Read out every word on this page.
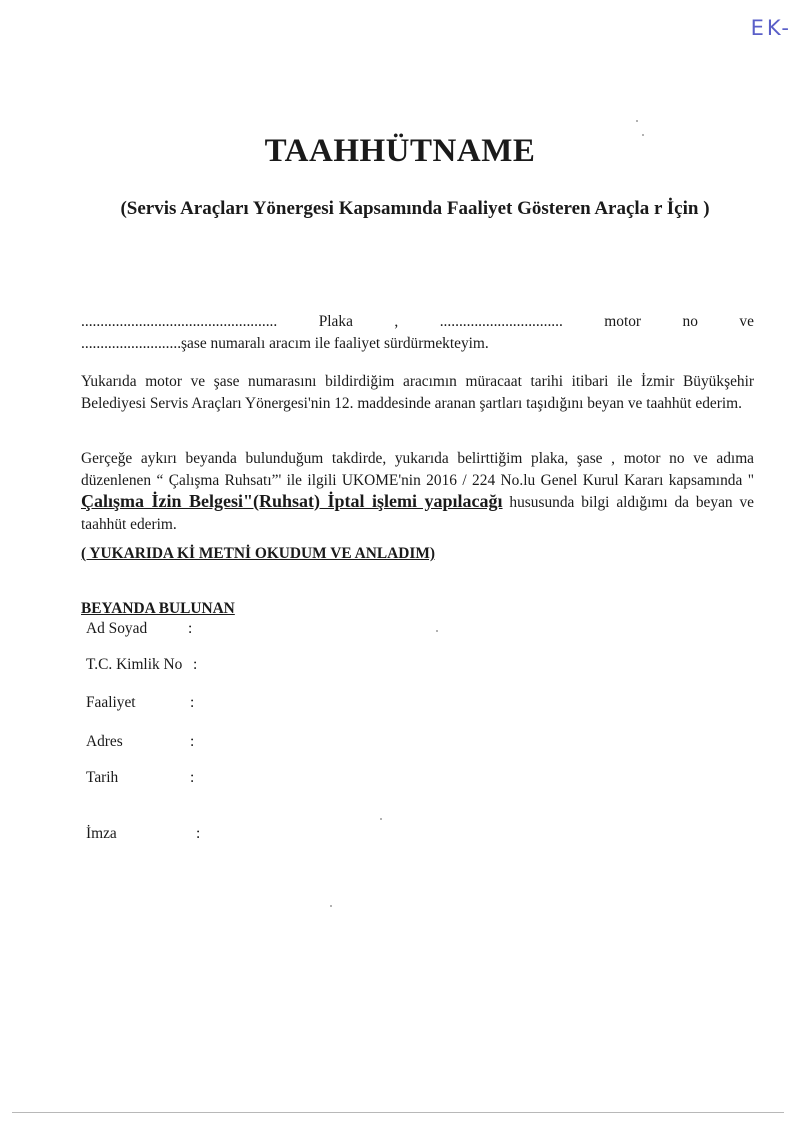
EK-
TAAHHÜTNAME
(Servis Araçları Yönergesi Kapsamında Faaliyet Gösteren Araçla r İçin )
...................................................	Plaka	,	................................	motor	no	ve
..........................şase numaralı aracım ile faaliyet sürdürmekteyim.
Yukarıda motor ve şase numarasını bildirdiğim aracımın müracaat tarihi itibari ile İzmir Büyükşehir Belediyesi Servis Araçları Yönergesi'nin 12. maddesinde aranan şartları taşıdığını beyan ve taahhüt ederim.
Gerçeğe aykırı beyanda bulunduğum takdirde, yukarıda belirttiğim plaka, şase , motor no ve adıma düzenlenen “ Çalışma Ruhsatı”' ile ilgili UKOME'nin 2016 / 224 No.lu Genel Kurul Kararı kapsamında " Çalışma İzin Belgesi"(Ruhsat) İptal işlemi yapılacağı hususunda bilgi aldığımı da beyan ve taahhüt ederim.
( YUKARIDA Kİ METNİ OKUDUM VE ANLADIM)
BEYANDA BULUNAN
Ad Soyad	:
T.C. Kimlik No :
Faaliyet	:
Adres	:
Tarih	:
İmza	:
